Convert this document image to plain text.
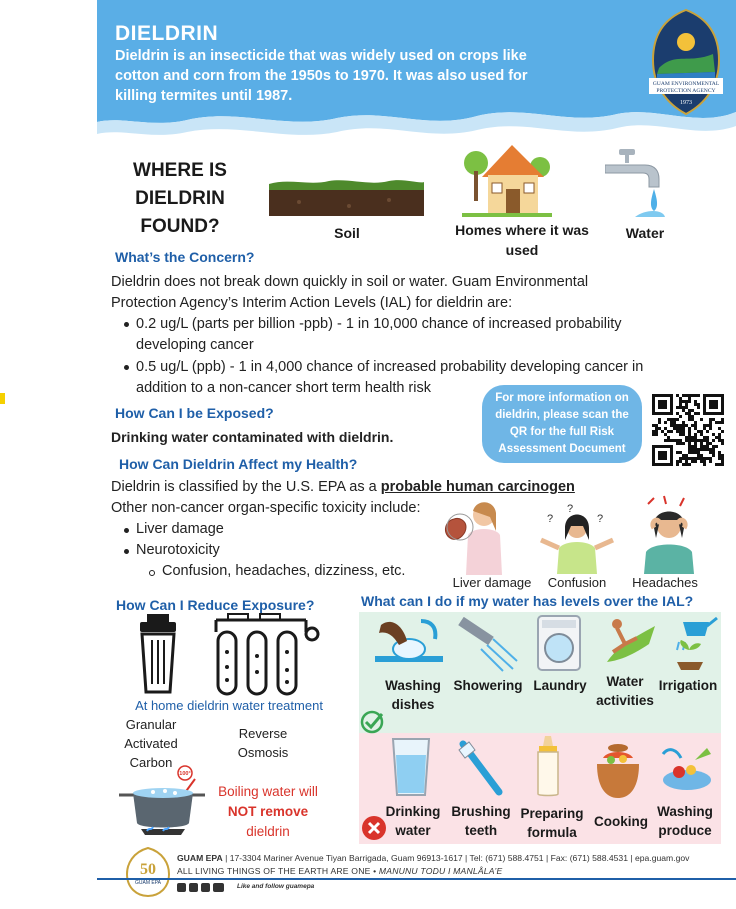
DIELDRIN
Dieldrin is an insecticide that was widely used on crops like cotton and corn from the 1950s to 1970. It was also used for killing termites until 1987.
GUAM ENVIRONMENTAL
PROTECTION AGENCY
1973
WHERE IS
DIELDRIN
FOUND?	Soil	Homes where it was
used
Water
What’s the Concern?
Dieldrin does not break down quickly in soil or water. Guam Environmental
Protection Agency’s Interim Action Levels (IAL) for dieldrin are:
0.2 ug/L (parts per billion -ppb) - 1 in 10,000 chance of increased probability
developing cancer
0.5 ug/L (ppb) - 1 in 4,000 chance of increased probability developing cancer in
addition to a non-cancer short term health risk
For more information on
dieldrin, please scan the
QR for the full Risk
Assessment Document
How Can I be Exposed?
Drinking water contaminated with dieldrin.
How Can Dieldrin Affect my Health?
Dieldrin is classified by the U.S. EPA as a probable human carcinogen
Other non-cancer organ-specific toxicity include:
Liver damage
Neurotoxicity
Confusion, headaches, dizziness, etc.
?
?
?
Liver damage	Confusion	Headaches
How Can I Reduce Exposure?
At home dieldrin water treatment
Granular
Activated
Carbon
Reverse
Osmosis
100°
Boiling water will
NOT remove
dieldrin
What can I do if my water has levels over the IAL?
Washing
dishes
Showering Laundry	Water
activities
Irrigation
Drinking
water
Brushing
teeth
Preparing
formula
Cooking
Washing
produce
50
GUAM EPA
GUAM EPA | 17-3304 Mariner Avenue Tiyan Barrigada, Guam 96913-1617 | Tel: (671) 588.4751 | Fax: (671) 588.4531 | epa.guam.gov
ALL LIVING THINGS OF THE EARTH ARE ONE • MANUNU TODU I MANLÅLA’E
Like and follow guamepa
